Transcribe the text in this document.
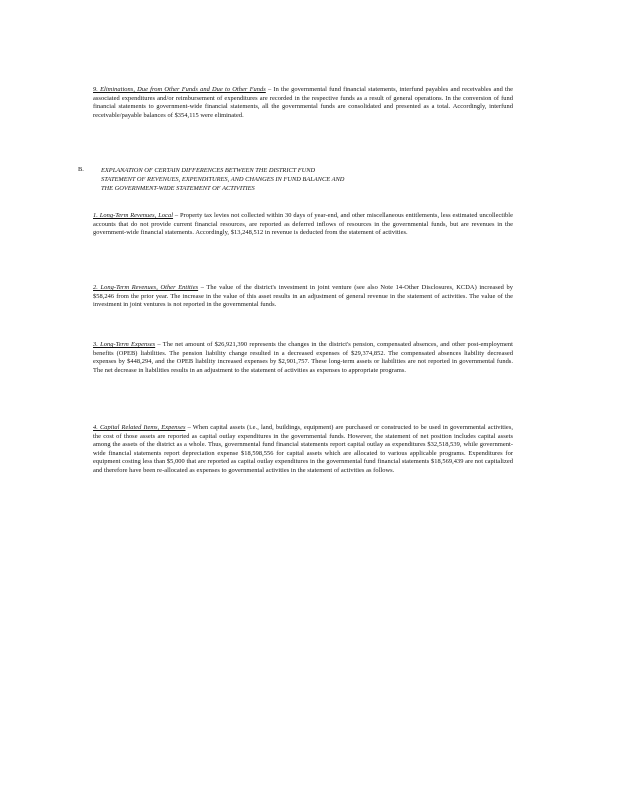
9. Eliminations, Due from Other Funds and Due to Other Funds – In the governmental fund financial statements, interfund payables and receivables and the associated expenditures and/or reimbursement of expenditures are recorded in the respective funds as a result of general operations. In the conversion of fund financial statements to government-wide financial statements, all the governmental funds are consolidated and presented as a total. Accordingly, interfund receivable/payable balances of $354,115 were eliminated.
B.	EXPLANATION OF CERTAIN DIFFERENCES BETWEEN THE DISTRICT FUND
STATEMENT OF REVENUES, EXPENDITURES, AND CHANGES IN FUND BALANCE AND
THE GOVERNMENT-WIDE STATEMENT OF ACTIVITIES
1. Long-Term Revenues, Local – Property tax levies not collected within 30 days of year-end, and other miscellaneous entitlements, less estimated uncollectible accounts that do not provide current financial resources, are reported as deferred inflows of resources in the governmental funds, but are revenues in the government-wide financial statements. Accordingly, $13,248,512 in revenue is deducted from the statement of activities.
2. Long-Term Revenues, Other Entities – The value of the district's investment in joint venture (see also Note 14-Other Disclosures, KCDA) increased by $58,246 from the prior year. The increase in the value of this asset results in an adjustment of general revenue in the statement of activities. The value of the investment in joint ventures is not reported in the governmental funds.
3. Long-Term Expenses – The net amount of $26,921,390 represents the changes in the district's pension, compensated absences, and other post-employment benefits (OPEB) liabilities. The pension liability change resulted in a decreased expenses of $29,374,852. The compensated absences liability decreased expenses by $448,294, and the OPEB liability increased expenses by $2,901,757. These long-term assets or liabilities are not reported in governmental funds. The net decrease in liabilities results in an adjustment to the statement of activities as expenses to appropriate programs.
4. Capital Related Items, Expenses – When capital assets (i.e., land, buildings, equipment) are purchased or constructed to be used in governmental activities, the cost of those assets are reported as capital outlay expenditures in the governmental funds. However, the statement of net position includes capital assets among the assets of the district as a whole. Thus, governmental fund financial statements report capital outlay as expenditures $32,518,539, while government-wide financial statements report depreciation expense $18,598,556 for capital assets which are allocated to various applicable programs. Expenditures for equipment costing less than $5,000 that are reported as capital outlay expenditures in the governmental fund financial statements $18,569,439 are not capitalized and therefore have been re-allocated as expenses to governmental activities in the statement of activities as follows.
